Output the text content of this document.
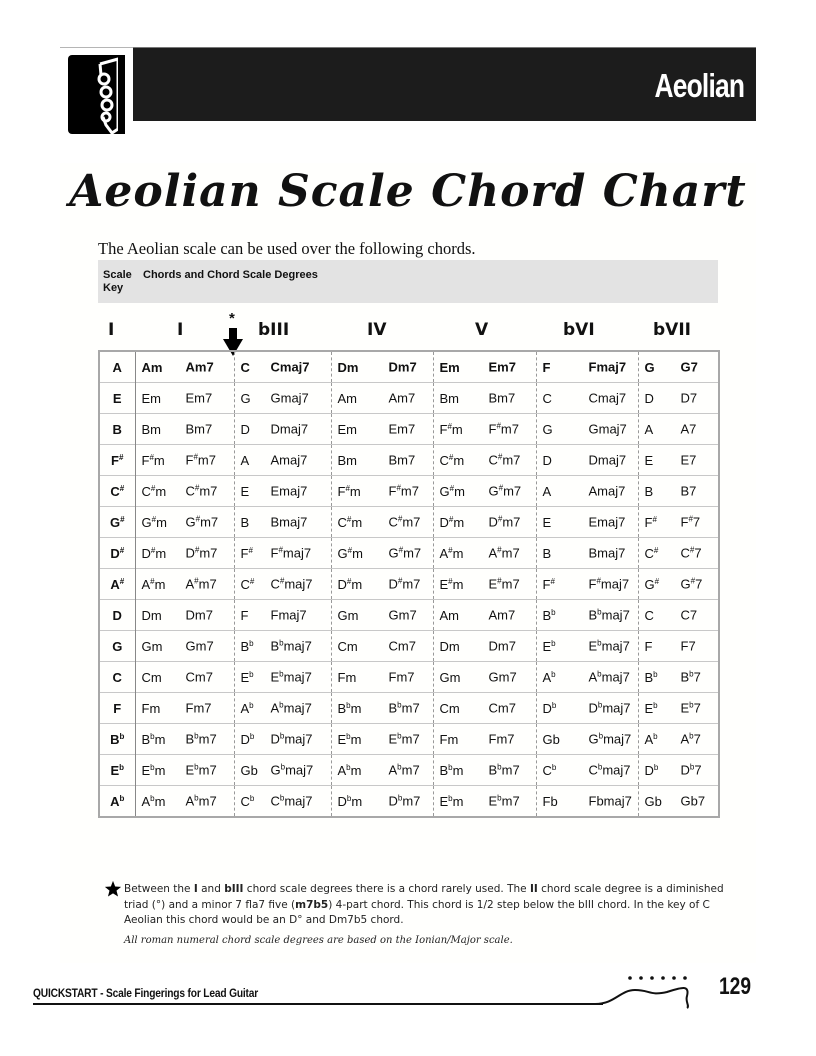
Aeolian
Aeolian Scale Chord Chart
The Aeolian scale can be used over the following chords.
Scale
Key
Chords and Chord Scale Degrees
I	I	bIII	IV	V	bVI	bVII
*
A	Am Am7	C Cmaj7	Dm Dm7	Em Em7	F Fmaj7	G G7

E	Em Em7	G Gmaj7	Am Am7	Bm Bm7	C Cmaj7	D D7

B	Bm Bm7	D Dmaj7	Em Em7	F#m F#m7	G Gmaj7	A A7

F#	F#m F#m7	A Amaj7	Bm Bm7	C#m C#m7	D Dmaj7	E E7

C#	C#m C#m7	E Emaj7	F#m F#m7	G#m G#m7	A Amaj7	B B7

G#	G#m G#m7	B Bmaj7	C#m C#m7	D#m D#m7	E Emaj7	F# F#7

D#	D#m D#m7	F# F#maj7	G#m G#m7	A#m A#m7	B Bmaj7	C# C#7

A#	A#m A#m7	C# C#maj7	D#m D#m7	E#m E#m7	F# F#maj7	G# G#7

D	Dm Dm7	F Fmaj7	Gm Gm7	Am Am7	$B^b$ $B^bmaj7$	C C7

G	Gm Gm7	$B^b$ $B^bmaj7$	Cm Cm7	Dm Dm7	$E^b$ $E^bmaj7$	F F7

C	Cm Cm7	$E^b$ $E^bmaj7$	Fm Fm7	Gm Gm7	$A^b$ $A^bmaj7$	$B^b$ $B^b7$

F	Fm Fm7	$A^b$ $A^bmaj7$	$B^bm$ $B^bm7$	Cm Cm7	$D^b$ $D^bmaj7$	$E^b$ $E^b7$

$B^b$	$B^bm$ $B^bm7$	$D^b$ $D^bmaj7$	$E^bm$ $E^bm7$	Fm Fm7	Gb $G^bmaj7$	$A^b$ $A^b7$

$E^b$	$E^bm$ $E^bm7$	Gb $G^bmaj7$	$A^bm$ $A^bm7$	$B^bm$ $B^bm7$	$C^b$ $C^bmaj7$	$D^b$ $D^b7$

$A^b$	$A^bm$ $A^bm7$	$C^b$ $C^bmaj7$	$D^bm$ $D^bm7$	$E^bm$ $E^bm7$	Fb Fbmaj7	Gb Gb7
Between the I and bIII chord scale degrees there is a chord rarely used. The II chord scale degree is a diminished triad (°) and a minor 7 fla7 five (m7b5) 4-part chord. This chord is 1/2 step below the bIII chord. In the key of C Aeolian this chord would be an D° and Dm7b5 chord.
All roman numeral chord scale degrees are based on the Ionian/Major scale.
QUICKSTART - Scale Fingerings for Lead Guitar	129
